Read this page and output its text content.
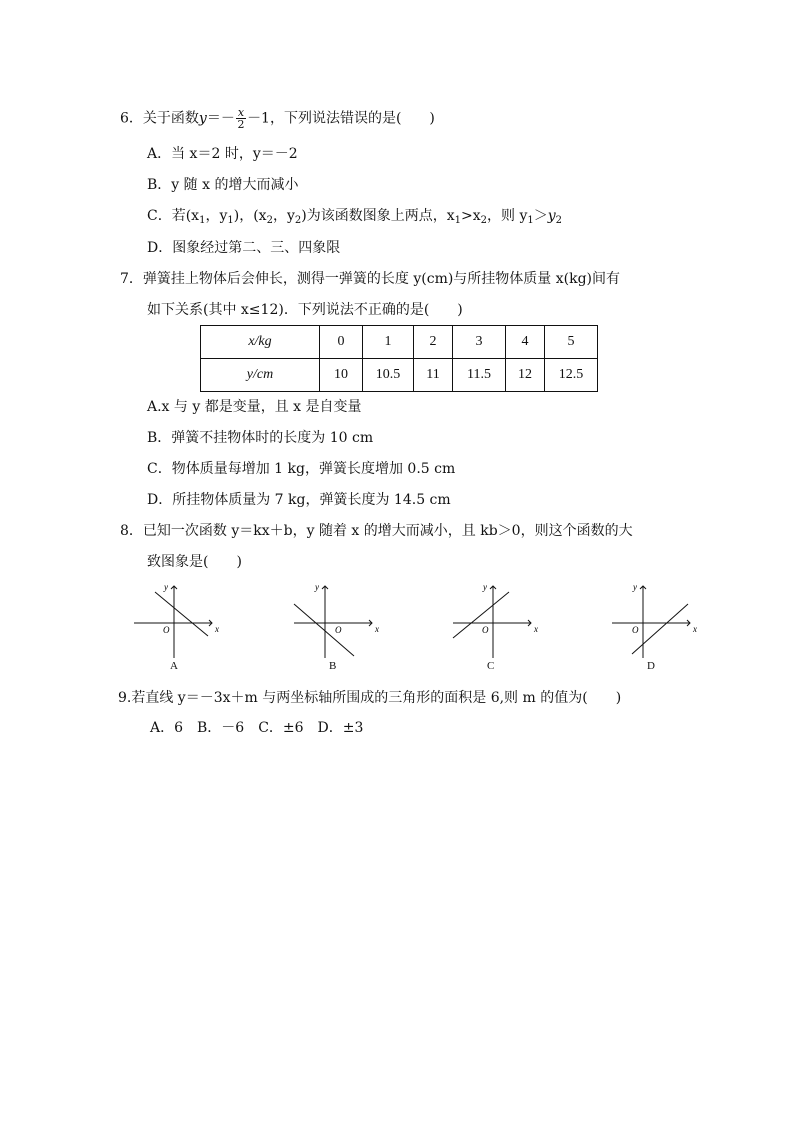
6．关于函数$y=- \frac{x}{2} -1$，下列说法错误的是(　　)
A．当 x＝2 时，y＝－2
B．y 随 x 的增大而减小
C．若($x_1$，$y_1$)，($x_2$，$y_2$)为该函数图象上两点，$x_1>x_2$，则 $y_1>y_2$
D．图象经过第二、三、四象限
7．弹簧挂上物体后会伸长，测得一弹簧的长度 y(cm)与所挂物体质量 x(kg)间有
如下关系(其中 x≤12)．下列说法不正确的是(　　)
x/kg	0	1	2	3	4	5
y/cm	10	10.5	11	11.5	12	12.5
A.x 与 y 都是变量，且 x 是自变量
B．弹簧不挂物体时的长度为 10 cm
C．物体质量每增加 1 kg，弹簧长度增加 0.5 cm
D．所挂物体质量为 7 kg，弹簧长度为 14.5 cm
8．已知一次函数 y＝kx＋b，y 随着 x 的增大而减小，且 kb＞0，则这个函数的大
致图象是(　　)
x
y
O
A
x
y
O
B
x
y
O
C
x
y
O
D
9.若直线 y＝－3x＋m 与两坐标轴所围成的三角形的面积是 6,则 m 的值为(　　)
A．6　B．－6　C．±6　D．±3
